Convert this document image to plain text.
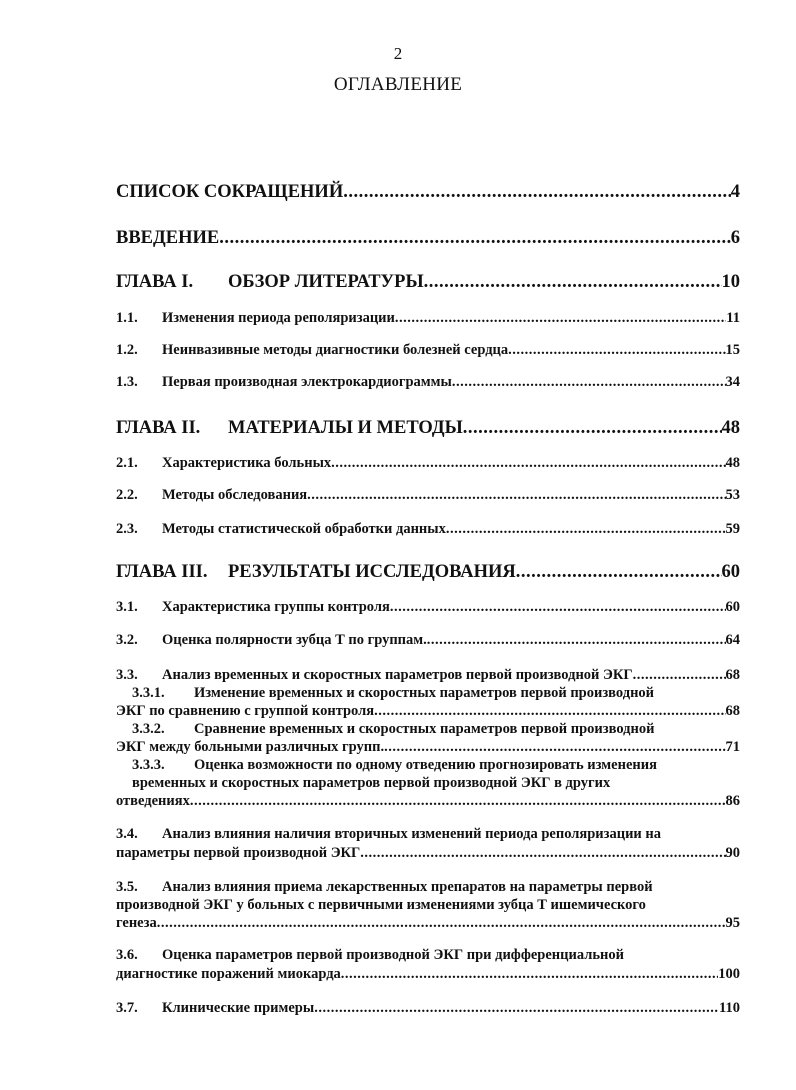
2
ОГЛАВЛЕНИЕ
СПИСОК СОКРАЩЕНИЙ .....	4
ВВЕДЕНИЕ .....	6
ГЛАВА I.	ОБЗОР ЛИТЕРАТУРЫ .....	10
1.1.	Изменения периода реполяризации .....	11
1.2.	Неинвазивные методы диагностики болезней сердца .....	15
1.3.	Первая производная электрокардиограммы .....	34
ГЛАВА II.	МАТЕРИАЛЫ И МЕТОДЫ .....	48
2.1.	Характеристика больных .....	48
2.2.	Методы обследования .....	53
2.3.	Методы статистической обработки данных .....	59
ГЛАВА III.	РЕЗУЛЬТАТЫ ИССЛЕДОВАНИЯ .....	60
3.1.	Характеристика группы контроля .....	60
3.2.	Оценка полярности зубца Т по группам. .....	64
3.3.	Анализ временных и скоростных параметров первой производной ЭКГ .....	68
3.3.1. Изменение временных и скоростных параметров первой производной
ЭКГ по сравнению с группой контроля .....	68
3.3.2. Сравнение временных и скоростных параметров первой производной
ЭКГ между больными различных групп. .....	71
3.3.3. Оценка возможности по одному отведению прогнозировать изменения
временных и скоростных параметров первой производной ЭКГ в других
отведениях .....	86
3.4. Анализ влияния наличия вторичных изменений периода реполяризации на
параметры первой производной ЭКГ .....	90
3.5. Анализ влияния приема лекарственных препаратов на параметры первой
производной ЭКГ у больных с первичными изменениями зубца Т ишемического
генеза .....	95
3.6. Оценка параметров первой производной ЭКГ при дифференциальной
диагностике поражений миокарда .....	100
3.7.	Клинические примеры .....	110
